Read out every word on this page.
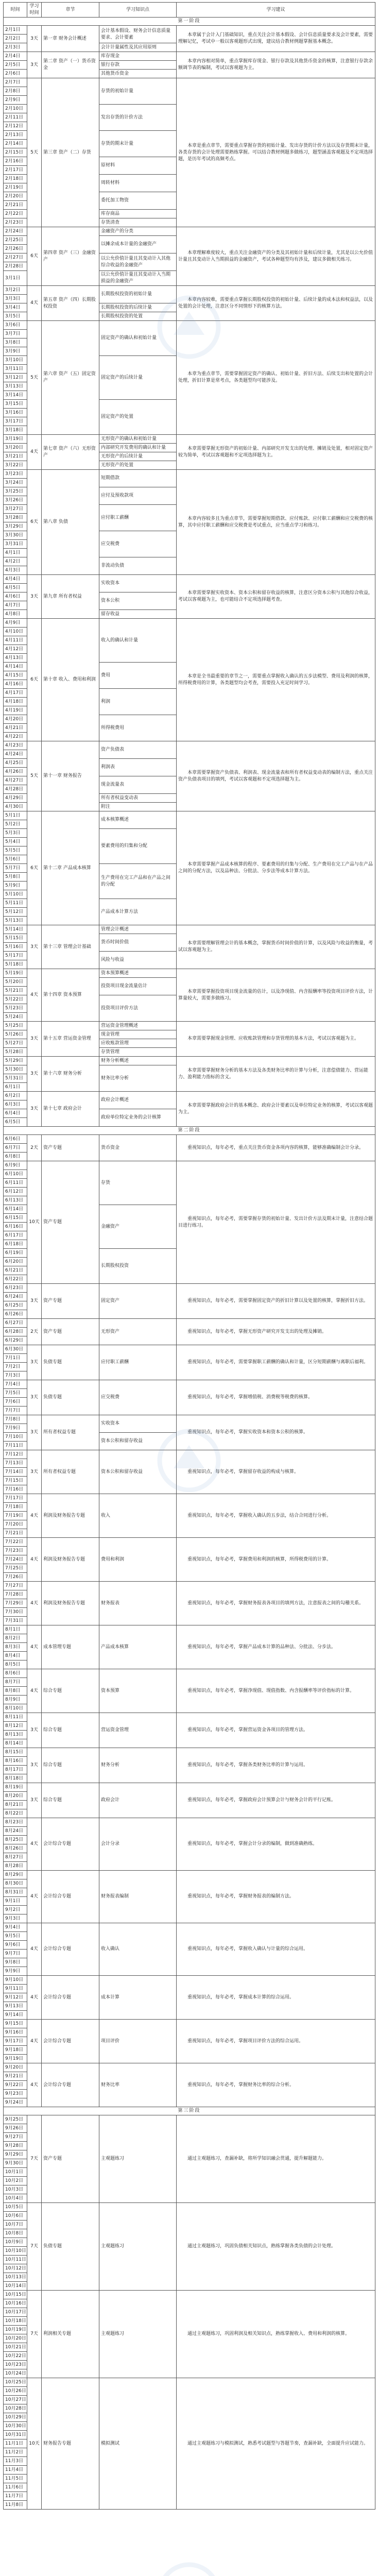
时间	学习时间	章节	学习知识点	学习建议
第一阶段				
2月1日	3天	第一章 财务会计概述	会计基本假设、财务会计信息质量要求、会计要素	本章属于会计入门基础知识，重点关注会计基本假设、会计信息质量要求及会计要素，需要理解记忆，考试中一般以客观题形式出现，建议结合教材例题掌握基本概念。
2月2日				
2月3日			会计计量属性及其应用原则	
2月4日	3天	第二章 资产（一）货币资金	库存现金	本章内容相对简单，重点掌握库存现金、银行存款及其他货币资金的核算，注意银行存款余额调节表的编制，考试以客观题为主。
2月5日			银行存款	
2月6日			其他货币资金	
2月7日	5天	第三章 资产（二）存货	存货的初始计量	本章是重点章节，需要重点掌握存货的初始计量、发出存货的计价方法以及存货期末计量，各类存货的会计处理需要熟练掌握。可以结合教材例题多做练习，题型涵盖客观题及不定项选择题，是历年考试的高频考点。
2月8日				
2月9日				
2月10日			发出存货的计价方法	
2月11日				
2月12日				
2月13日			存货的期末计量	
2月14日				
2月15日				
2月16日			原材料	
2月17日				
2月18日			周转材料	
2月19日				
2月20日			委托加工物资	
2月21日				
2月22日			库存商品	
2月23日			存货清查	
2月24日	6天	第四章 资产（三）金融资产	金融资产的分类	本章理解难度较大，重点关注金融资产的分类及其初始计量和后续计量，尤其是以公允价值计量且其变动计入当期损益的金融资产，考试各种题型均有涉及，建议多做相关练习。
2月25日			以摊余成本计量的金融资产	
2月26日				
2月27日			以公允价值计量且其变动计入其他综合收益的金融资产	
2月28日				
3月1日			以公允价值计量且其变动计入当期损益的金融资产	
3月2日	4天	第五章 资产（四）长期股权投资	长期股权投资的初始计量	本章内容较难，需要重点掌握长期股权投资的初始计量、后续计量的成本法和权益法，以及处置的会计处理，注意区分不同情形下的核算方法。
3月3日				
3月4日			长期股权投资的后续计量	
3月5日			长期股权投资的处置	
3月6日	5天	第六章 资产（五）固定资产	固定资产的确认和初始计量	本章为重点章节，需要掌握固定资产的确认、初始计量、折旧方法、后续支出和处置的会计处理，折旧计算是常考点，各类题型均可能涉及。
3月7日				
3月8日				
3月9日				
3月10日			固定资产的后续计量	
3月11日				
3月12日				
3月13日				
3月14日				
3月15日			固定资产的处置	
3月16日				
3月17日				
3月18日				
3月19日	4天	第七章 资产（六）无形资产	无形资产的确认和初始计量	本章需要掌握无形资产的初始计量、内部研究开发支出的处理、摊销及处置，相对固定资产较为简单，考试以客观题和不定项选择题为主。
3月20日			内部研究开发费用的确认和计量	
3月21日			无形资产的后续计量	
3月22日			无形资产的处置	
3月23日	6天	第八章 负债	短期借款	本章内容较多且为重点章节，需要掌握短期借款、应付账款、应付职工薪酬和应交税费的核算，其中应付职工薪酬和应交税费是考试重点，应当重点学习和练习。
3月24日				
3月25日			应付及预收款项	
3月26日				
3月27日			应付职工薪酬	
3月28日				
3月29日				
3月30日			应交税费	
3月31日				
4月1日				
4月2日			非流动负债	
4月3日				
4月4日	3天	第九章 所有者权益	实收资本	本章需要掌握实收资本、资本公积和留存收益的核算，注意区分资本公积与其他综合收益，考试以客观题为主，也可能结合不定项选择题考查。
4月5日				
4月6日			资本公积	
4月7日				
4月8日			留存收益	
4月9日	6天	第十章 收入、费用和利润	收入的确认和计量	本章是全书最重要的章节之一，需要重点掌握收入确认的五步法模型、费用及利润的核算，所得税费用的计算，各类题型均会考查，需要投入充足时间学习。
4月10日				
4月11日				
4月12日				
4月13日				
4月14日			费用	
4月15日				
4月16日				
4月17日			利润	
4月18日				
4月19日				
4月20日			所得税费用	
4月21日				
4月22日				
4月23日	5天	第十一章 财务报告	资产负债表	本章需要掌握资产负债表、利润表、现金流量表和所有者权益变动表的编制方法，重点关注资产负债表项目的填列，考试以客观题和不定项选择题为主。
4月24日				
4月25日			利润表	
4月26日				
4月27日			现金流量表	
4月28日				
4月29日			所有者权益变动表	
4月30日			附注	
5月1日	6天	第十二章 产品成本核算	成本核算概述	本章需要掌握产品成本核算的程序、要素费用的归集与分配、生产费用在完工产品与在产品之间的分配方法，以及品种法、分批法、分步法等成本计算方法。
5月2日				
5月3日			要素费用的归集和分配	
5月4日				
5月5日				
5月6日				
5月7日			生产费用在完工产品和在产品之间的分配	
5月8日				
5月9日				
5月10日				
5月11日			产品成本计算方法	
5月12日				
5月13日				
5月14日	3天	第十三章 管理会计基础	管理会计概述	本章需要理解管理会计的基本概念，掌握货币时间价值的计算，以及风险与收益的衡量，考试以客观题为主。
5月15日			货币时间价值	
5月16日				
5月17日			风险与收益	
5月18日				
5月19日	4天	第十四章 资本预算	资本预算概述	本章需要掌握投资项目现金流量的估计，以及净现值、内含报酬率等投资项目评价方法，计算量较大，需要多做练习。
5月20日			投资项目现金流量估计	
5月21日				
5月22日			投资项目评价方法	
5月23日				
5月24日				
5月25日	3天	第十五章 营运资金管理	营运资金管理概述	本章需要掌握现金管理、应收账款管理和存货管理的基本方法，考试以客观题为主。
5月26日			现金管理	
5月27日			应收账款管理	
5月28日			存货管理	
5月29日	3天	第十六章 财务分析	财务分析概述	本章需要掌握财务分析的基本方法及各类财务比率的计算与分析，注意偿债能力、营运能力、盈利能力指标的含义。
5月30日			财务比率分析	
5月31日				
6月1日				
6月2日	3天	第十七章 政府会计	政府会计概述	本章需要掌握政府会计的基本概念、政府会计要素以及单位特定业务的核算，考试以客观题为主。
6月3日				
6月4日			政府单位特定业务的会计核算	
6月5日				
第二阶段				
6月6日	2天	资产专题	货币资金	重视知识点，每年必考，重点关注货币资金各项内容的核算，能够准确编制会计分录。
6月7日				
6月8日				
6月9日	10天	资产专题	存货	重视知识点，每年必考，需要掌握存货的初始计量、发出计价方法及期末计量，注意结合题目进行练习。
6月10日				
6月11日				
6月12日				
6月13日				
6月14日			金融资产	
6月15日				
6月16日				
6月17日				
6月18日				
6月19日			长期股权投资	
6月20日				
6月21日				
6月22日				
6月23日	3天	资产专题	固定资产	重视知识点，每年必考，需要掌握固定资产的折旧计算以及处置的核算，掌握折旧方法。
6月24日				
6月25日				
6月26日				
6月27日	2天	资产专题	无形资产	重视知识点，每年必考，掌握无形资产研究开发支出的处理及摊销。
6月28日				
6月29日				
6月30日	3天	负债专题	应付职工薪酬	重视知识点，每年必考，需要掌握职工薪酬的确认和计量，区分短期薪酬与离职后福利。
7月1日				
7月2日				
7月3日				
7月4日	3天	负债专题	应交税费	重视知识点，每年必考，掌握增值税、消费税等税费的核算。
7月5日				
7月6日				
7月7日				
7月8日	3天	所有者权益专题	实收资本	重视知识点，每年必考，掌握实收资本和资本公积的核算。
7月9日				
7月10日			资本公积和留存收益	
7月11日				
7月12日	3天	所有者权益专题	资本公积和留存收益	重视知识点，每年必考，掌握留存收益的构成与核算。
7月13日				
7月14日				
7月15日				
7月16日				
7月17日	4天	利润及财务报告专题	收入	重视知识点，每年必考，掌握收入确认的五步法，结合合同进行分析。
7月18日				
7月19日				
7月20日				
7月21日				
7月22日	4天	利润及财务报告专题	费用和利润	重视知识点，每年必考，掌握费用和利润的核算，所得税费用的计算。
7月23日				
7月24日				
7月25日				
7月26日				
7月27日	4天	利润及财务报告专题	财务报表	重视知识点，每年必考，掌握财务报表各项目的填列方法，注意报表之间的勾稽关系。
7月28日				
7月29日				
7月30日				
7月31日				
8月1日	4天	成本管理专题	产品成本核算	重视知识点，每年必考，掌握产品成本计算的品种法、分批法、分步法。
8月2日				
8月3日				
8月4日				
8月5日				
8月6日	4天	综合专题	资本预算	重视知识点，每年必考，掌握净现值、现值指数、内含报酬率等评价指标的计算。
8月7日				
8月8日				
8月9日				
8月10日				
8月11日	3天	综合专题	营运资金管理	重视知识点，每年必考，掌握营运资金各项目的管理方法。
8月12日				
8月13日				
8月14日				
8月15日	3天	综合专题	财务分析	重视知识点，每年必考，掌握各类财务比率的计算与运用。
8月16日				
8月17日				
8月18日				
8月19日	3天	综合专题	政府会计	重视知识点，每年必考，掌握政府会计预算会计与财务会计的平行记账。
8月20日				
8月21日				
8月22日				
8月23日	4天	会计综合专题	会计分录	重视知识点，每年必考，掌握会计分录的编制，做到准确熟练。
8月24日				
8月25日				
8月26日				
8月27日				
8月28日				
8月29日	4天	会计综合专题	财务报表编制	重视知识点，每年必考，掌握财务报表的编制方法。
8月30日				
8月31日				
9月1日				
9月2日				
9月3日				
9月4日	4天	会计综合专题	收入确认	重视知识点，每年必考，掌握收入确认与计量的综合运用。
9月5日				
9月6日				
9月7日				
9月8日				
9月9日				
9月10日	4天	会计综合专题	成本计算	重视知识点，每年必考，掌握成本计算的综合运用。
9月11日				
9月12日				
9月13日				
9月14日				
9月15日	4天	会计综合专题	项目评价	重视知识点，每年必考，掌握项目评价方法的综合运用。
9月16日				
9月17日				
9月18日				
9月19日				
9月20日	4天	会计综合专题	财务比率	重视知识点，每年必考，掌握财务比率的综合分析。
9月21日				
9月22日				
9月23日				
9月24日				
第三阶段				
9月25日	7天	资产专题	主观题练习	通过主观题练习，查漏补缺，将所学知识融会贯通，提升解题能力。
9月26日				
9月27日				
9月28日				
9月29日				
9月30日				
10月1日				
10月2日				
10月3日				
10月4日				
10月5日	7天	负债专题	主观题练习	通过主观题练习，巩固负债相关知识点，熟练掌握各类负债的会计处理。
10月6日				
10月7日				
10月8日				
10月9日				
10月10日				
10月11日				
10月12日				
10月13日				
10月14日				
10月15日	7天	利润相关专题	主观题练习	通过主观题练习，巩固利润及相关知识点，熟练掌握收入、费用和利润的核算。
10月16日				
10月17日				
10月18日				
10月19日				
10月20日				
10月21日				
10月22日				
10月23日				
10月24日				
10月25日	10天	财务报告专题	模拟测试	通过主观题练习与模拟测试，熟悉考试题型与答题节奏，查漏补缺，全面提升应试能力。
10月26日				
10月27日				
10月28日				
10月29日				
10月30日				
10月31日				
11月1日				
11月2日				
11月3日				
11月4日				
11月5日				
11月6日				
11月7日				
11月8日				
